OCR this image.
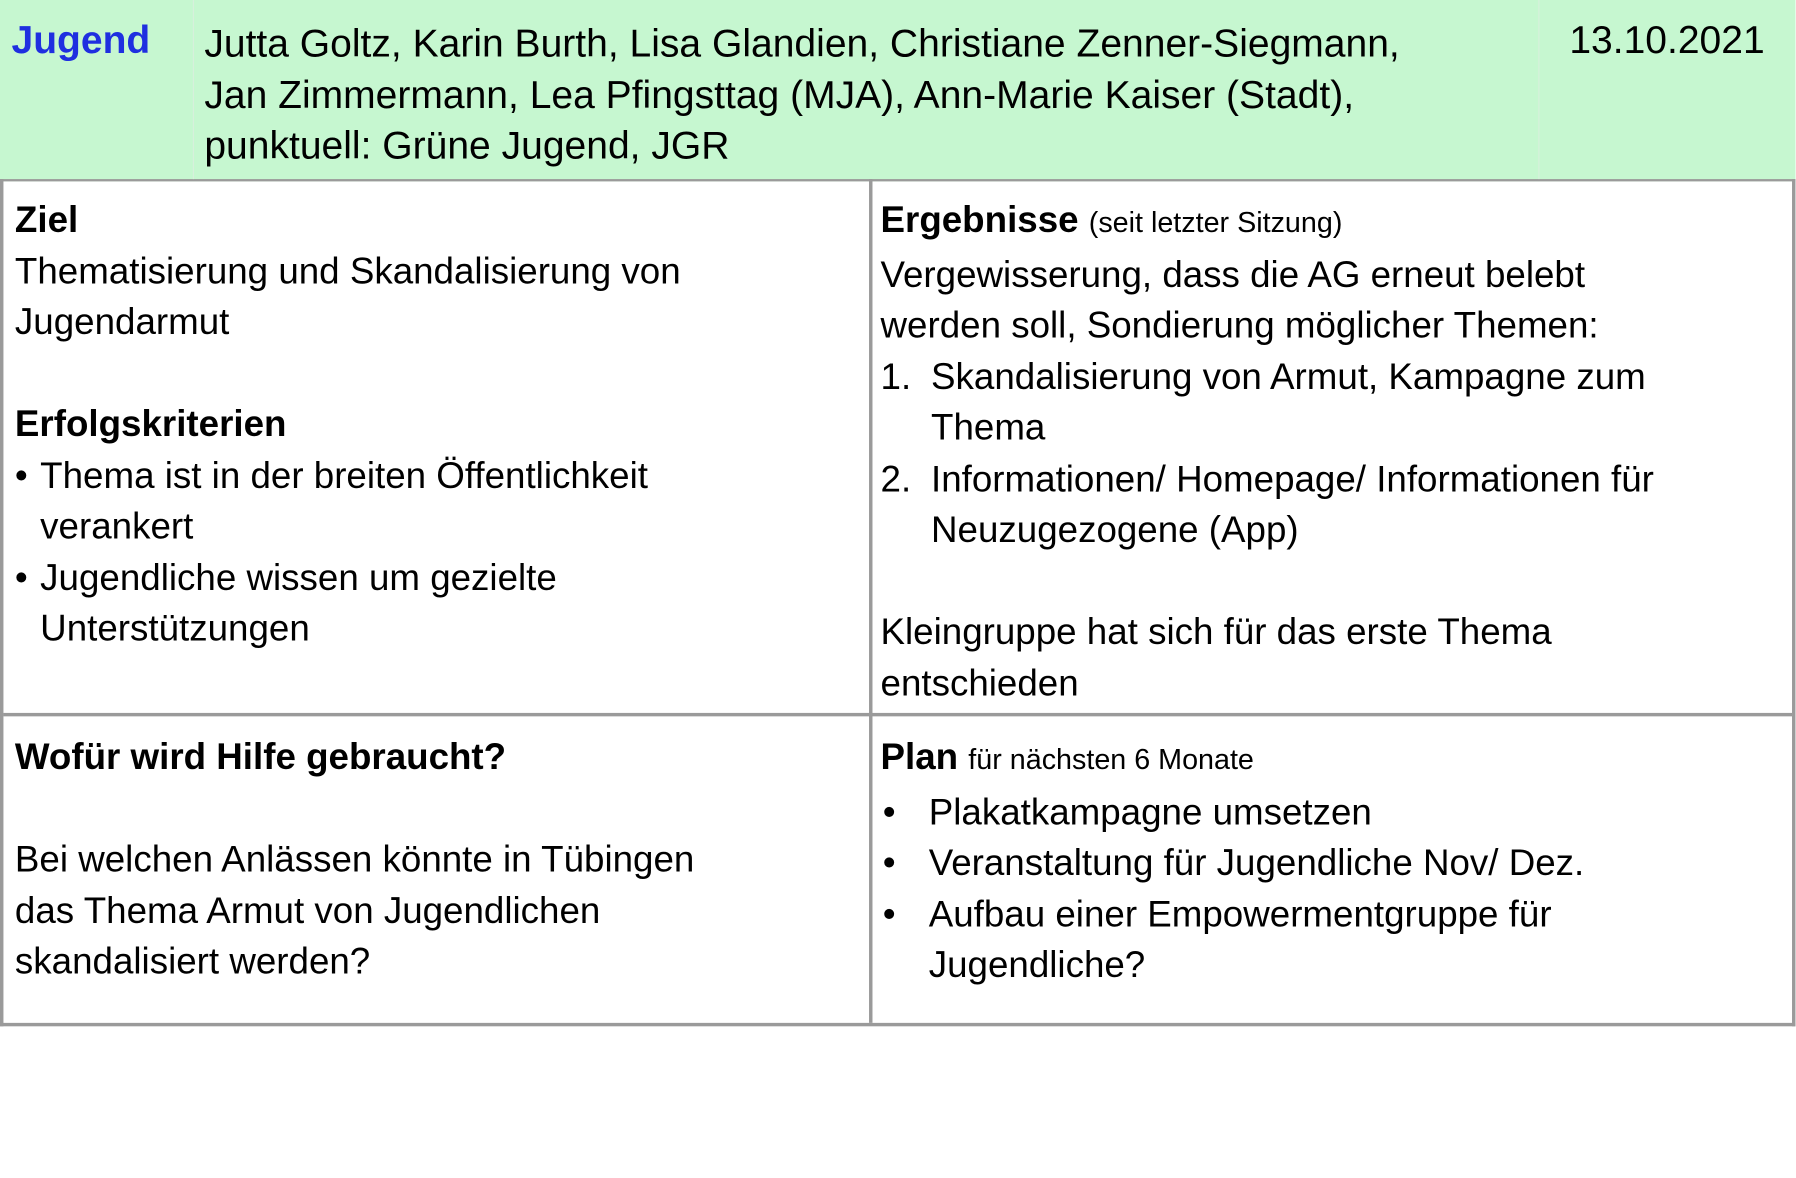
Jugend Jutta Goltz, Karin Burth, Lisa Glandien, Christiane Zenner-Siegmann,
Jan Zimmermann, Lea Pfingsttag (MJA), Ann-Marie Kaiser (Stadt),
punktuell: Grüne Jugend, JGR
13.10.2021
Ziel
Thematisierung und Skandalisierung von
Jugendarmut
Erfolgskriterien
• Thema ist in der breiten Öffentlichkeit
verankert
• Jugendliche wissen um gezielte
Unterstützungen
Ergebnisse (seit letzter Sitzung)
Vergewisserung, dass die AG erneut belebt
werden soll, Sondierung möglicher Themen:
1. Skandalisierung von Armut, Kampagne zum
Thema
2. Informationen/ Homepage/ Informationen für
Neuzugezogene (App)
Kleingruppe hat sich für das erste Thema
entschieden
Wofür wird Hilfe gebraucht?
Bei welchen Anlässen könnte in Tübingen
das Thema Armut von Jugendlichen
skandalisiert werden?
Plan für nächsten 6 Monate
• Plakatkampagne umsetzen
• Veranstaltung für Jugendliche Nov/ Dez.
• Aufbau einer Empowermentgruppe für
Jugendliche?
